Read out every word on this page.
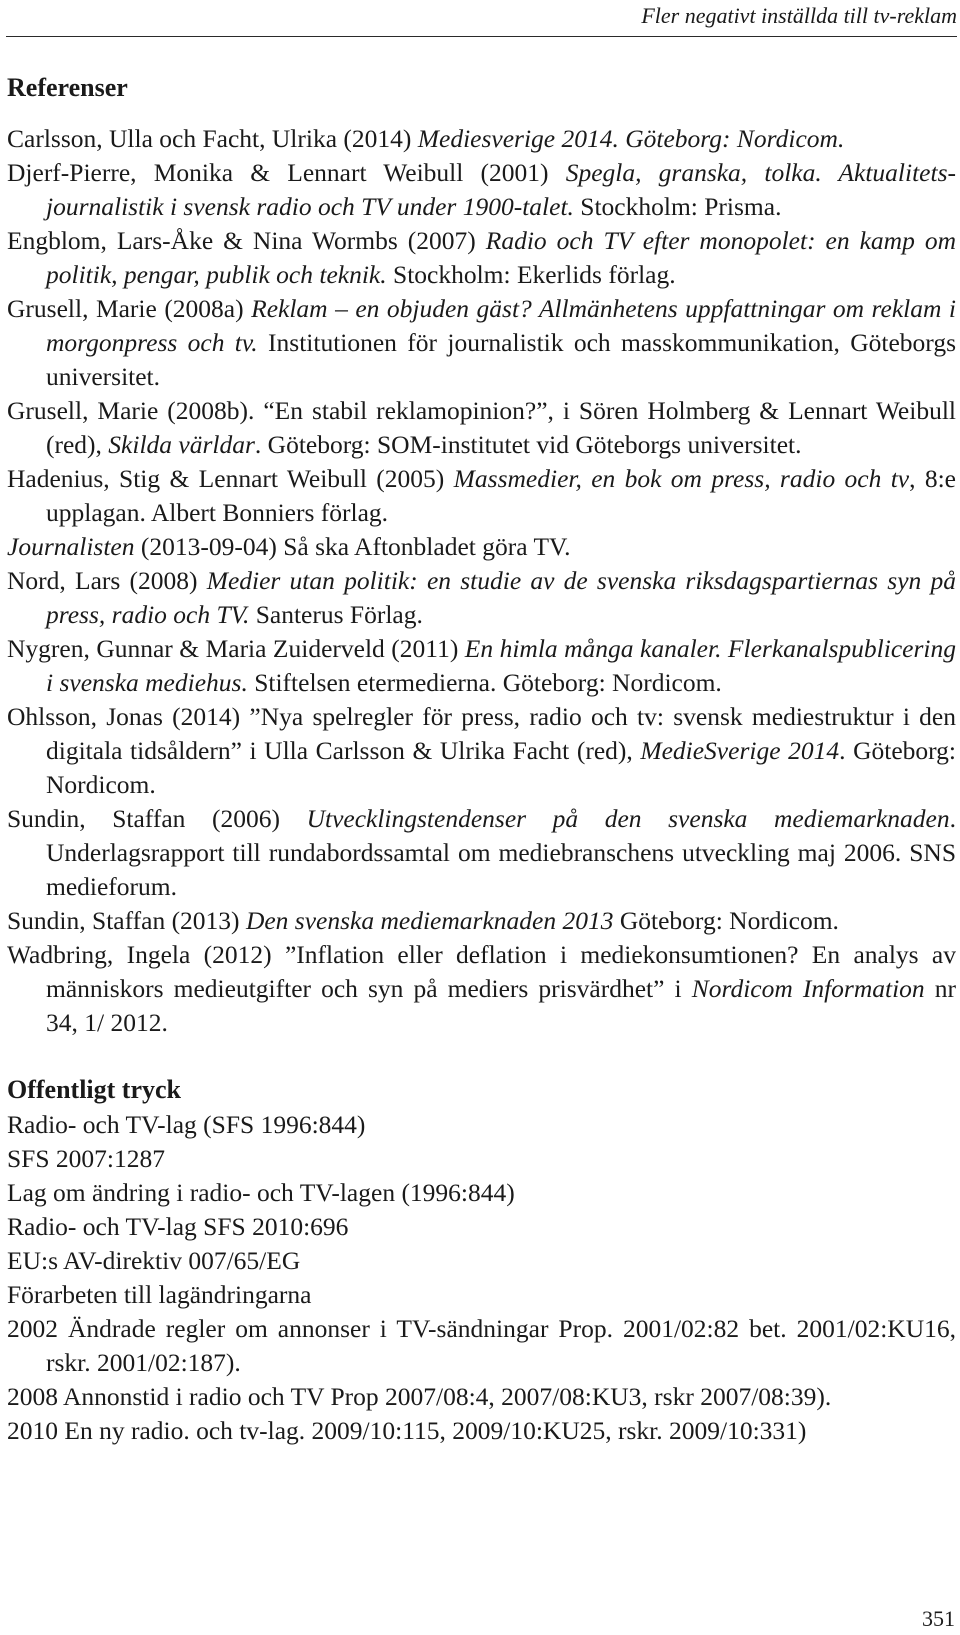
Fler negativt inställda till tv-reklam
Referenser
Carlsson, Ulla och Facht, Ulrika (2014) Mediesverige 2014. Göteborg: Nordicom.
Djerf-Pierre, Monika & Lennart Weibull (2001) Spegla, granska, tolka. Aktualitetsjournalistik i svensk radio och TV under 1900-talet. Stockholm: Prisma.
Engblom, Lars-Åke & Nina Wormbs (2007) Radio och TV efter monopolet: en kamp om politik, pengar, publik och teknik. Stockholm: Ekerlids förlag.
Grusell, Marie (2008a) Reklam – en objuden gäst? Allmänhetens uppfattningar om reklam i morgonpress och tv. Institutionen för journalistik och masskommunikation, Göteborgs universitet.
Grusell, Marie (2008b). “En stabil reklamopinion?”, i Sören Holmberg & Lennart Weibull (red), Skilda världar. Göteborg: SOM-institutet vid Göteborgs universitet.
Hadenius, Stig & Lennart Weibull (2005) Massmedier, en bok om press, radio och tv, 8:e upplagan. Albert Bonniers förlag.
Journalisten (2013-09-04) Så ska Aftonbladet göra TV.
Nord, Lars (2008) Medier utan politik: en studie av de svenska riksdagspartiernas syn på press, radio och TV. Santerus Förlag.
Nygren, Gunnar & Maria Zuiderveld (2011) En himla många kanaler. Flerkanalspublicering i svenska mediehus. Stiftelsen etermedierna. Göteborg: Nordicom.
Ohlsson, Jonas (2014) ”Nya spelregler för press, radio och tv: svensk mediestruktur i den digitala tidsåldern” i Ulla Carlsson & Ulrika Facht (red), MedieSverige 2014. Göteborg: Nordicom.
Sundin, Staffan (2006) Utvecklingstendenser på den svenska mediemarknaden. Underlagsrapport till rundabordssamtal om mediebranschens utveckling maj 2006. SNS medieforum.
Sundin, Staffan (2013) Den svenska mediemarknaden 2013 Göteborg: Nordicom.
Wadbring, Ingela (2012) ”Inflation eller deflation i mediekonsumtionen? En analys av människors medieutgifter och syn på mediers prisvärdhet” i Nordicom Information nr 34, 1/ 2012.
Offentligt tryck
Radio- och TV-lag (SFS 1996:844)
SFS 2007:1287
Lag om ändring i radio- och TV-lagen (1996:844)
Radio- och TV-lag SFS 2010:696
EU:s AV-direktiv 007/65/EG
Förarbeten till lagändringarna
2002 Ändrade regler om annonser i TV-sändningar Prop. 2001/02:82 bet. 2001/02:KU16, rskr. 2001/02:187).
2008 Annonstid i radio och TV Prop 2007/08:4, 2007/08:KU3, rskr 2007/08:39).
2010 En ny radio. och tv-lag. 2009/10:115, 2009/10:KU25, rskr. 2009/10:331)
351
